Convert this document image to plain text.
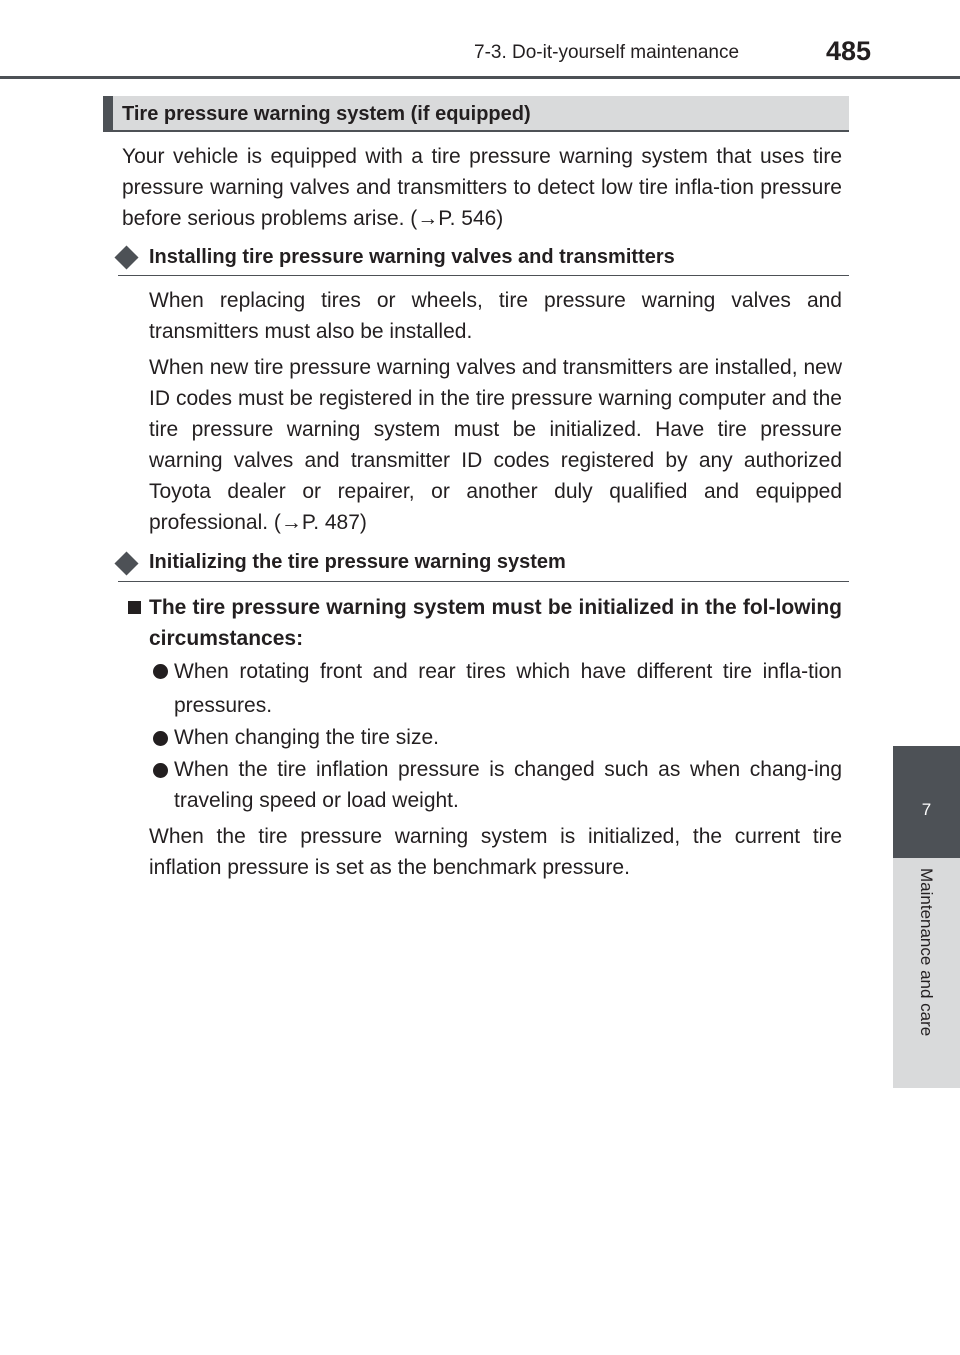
7-3. Do-it-yourself maintenance	485
7
Maintenance and care
Tire pressure warning system (if equipped)

Your vehicle is equipped with a tire pressure warning system that uses tire pressure warning valves and transmitters to detect low tire infla-tion pressure before serious problems arise. (→P. 546)

Installing tire pressure warning valves and transmitters

When replacing tires or wheels, tire pressure warning valves and transmitters must also be installed.

When new tire pressure warning valves and transmitters are installed, new ID codes must be registered in the tire pressure warning computer and the tire pressure warning system must be initialized. Have tire pressure warning valves and transmitter ID codes registered by any authorized Toyota dealer or repairer, or another duly qualified and equipped professional. (→P. 487)

Initializing the tire pressure warning system

The tire pressure warning system must be initialized in the fol-lowing circumstances:

When rotating front and rear tires which have different tire infla-tion pressures.

When changing the tire size.

When the tire inflation pressure is changed such as when chang-ing traveling speed or load weight.

When the tire pressure warning system is initialized, the current tire inflation pressure is set as the benchmark pressure.
